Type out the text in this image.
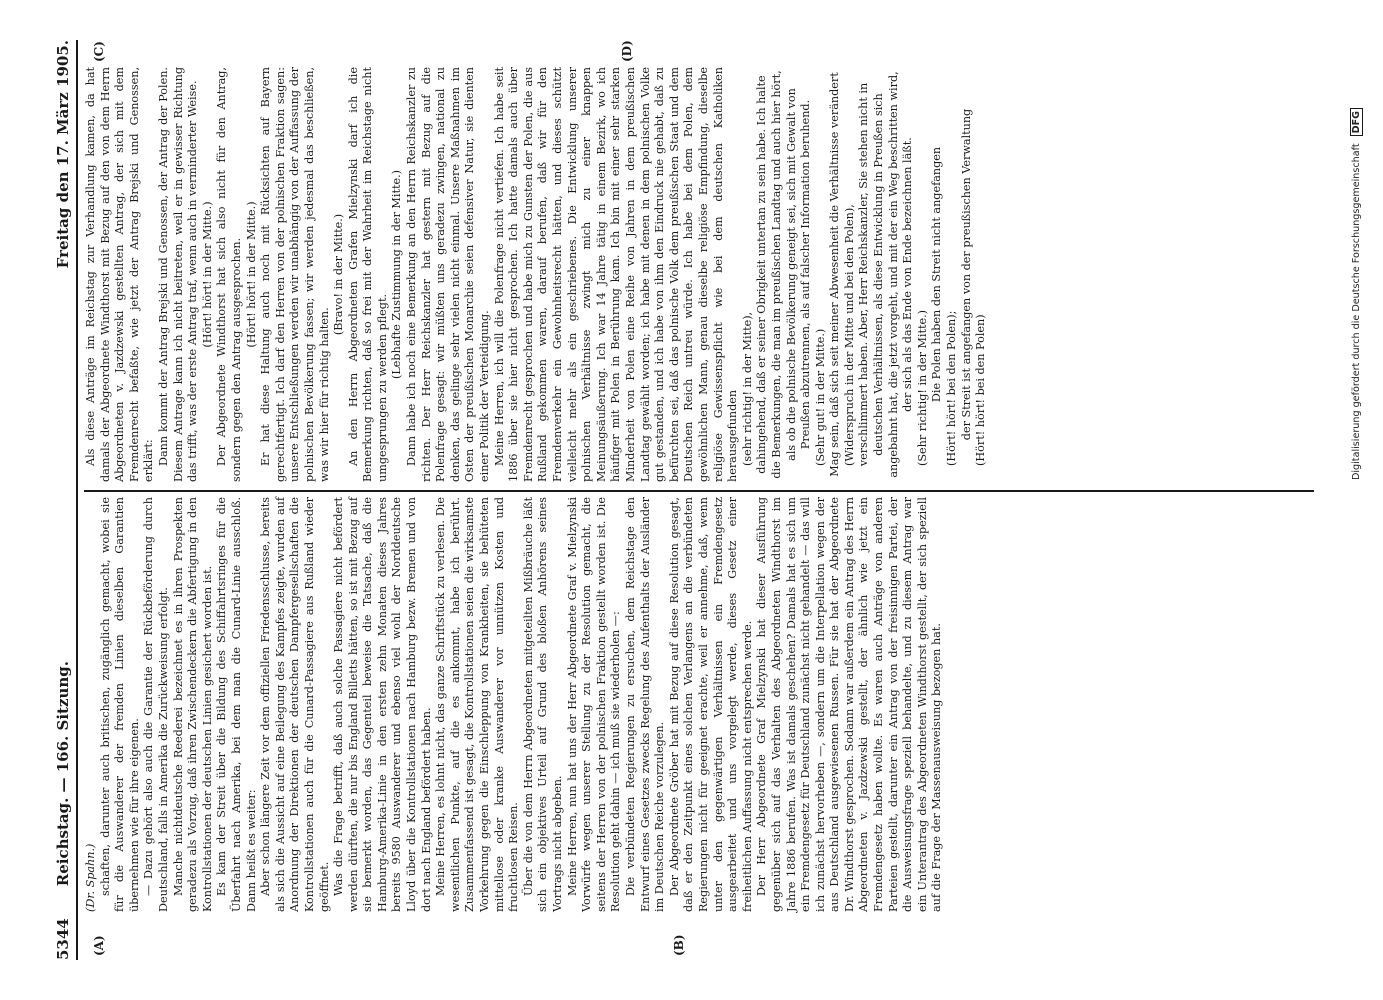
5344
Reichstag. — 166. Sitzung.
Freitag den 17. März 1905.
(A)	(B)
(C)	(D)

(Dr. Spahn.) schaften, darunter auch britischen, zugänglich gemacht, wobei sie für die Auswanderer der fremden Linien dieselben Garantien übernehmen wie für ihre eigenen. — Dazu gehört also auch die Garantie der Rückbeförderung durch Deutschland, falls in Amerika die Zurückweisung erfolgt. Manche nichtdeutsche Reederei bezeichnet es in ihren Prospekten geradezu als Vorzug, daß ihren Zwischendeckern die Abfertigung in den Kontrollstationen der deutschen Linien gesichert worden ist. Es kam der Streit über die Bildung des Schiffahrtsringes für die Überfahrt nach Amerika, bei dem man die Cunard-Linie ausschloß. Dann heißt es weiter: Aber schon längere Zeit vor dem offiziellen Friedensschlusse, bereits als sich die Aussicht auf eine Beilegung des Kampfes zeigte, wurden auf Anordnung der Direktionen der deutschen Dampfergesellschaften die Kontrollstationen auch für die Cunard-Passagiere aus Rußland wieder geöffnet. Was die Frage betrifft, daß auch solche Passagiere nicht befördert werden dürften, die nur bis England Billetts hätten, so ist mit Bezug auf sie bemerkt worden, das Gegenteil beweise die Tatsache, daß die Hamburg-Amerika-Linie in den ersten zehn Monaten dieses Jahres bereits 9580 Auswanderer und ebenso viel wohl der Norddeutsche Lloyd über die Kontrollstationen nach Hamburg bezw. Bremen und von dort nach England befördert haben. Meine Herren, es lohnt nicht, das ganze Schriftstück zu verlesen. Die wesentlichen Punkte, auf die es ankommt, habe ich berührt. Zusammenfassend ist gesagt, die Kontrollstationen seien die wirksamste Vorkehrung gegen die Einschleppung von Krankheiten, sie behüteten mittellose oder kranke Auswanderer vor unnützen Kosten und fruchtlosen Reisen. Über die von dem Herrn Abgeordneten mitgeteilten Mißbräuche läßt sich ein objektives Urteil auf Grund des bloßen Anhörens seines Vortrags nicht abgeben. Meine Herren, nun hat uns der Herr Abgeordnete Graf v. Mielzynski Vorwürfe wegen unserer Stellung zu der Resolution gemacht, die seitens der Herren von der polnischen Fraktion gestellt worden ist. Die Resolution geht dahin — ich muß sie wiederholen —: Die verbündeten Regierungen zu ersuchen, dem Reichstage den Entwurf eines Gesetzes zwecks Regelung des Aufenthalts der Ausländer im Deutschen Reiche vorzulegen. Der Abgeordnete Gröber hat mit Bezug auf diese Resolution gesagt, daß er den Zeitpunkt eines solchen Verlangens an die verbündeten Regierungen nicht für geeignet erachte, weil er annehme, daß, wenn unter den gegenwärtigen Verhältnissen ein Fremdengesetz ausgearbeitet und uns vorgelegt werde, dieses Gesetz einer freiheitlichen Auffassung nicht entsprechen werde. Der Herr Abgeordnete Graf Mielzynski hat dieser Ausführung gegenüber sich auf das Verhalten des Abgeordneten Windthorst im Jahre 1886 berufen. Was ist damals geschehen? Damals hat es sich um ein Fremdengesetz für Deutschland zunächst nicht gehandelt — das will ich zunächst hervorheben —, sondern um die Interpellation wegen der aus Deutschland ausgewiesenen Russen. Für sie hat der Abgeordnete Dr. Windthorst gesprochen. Sodann war außerdem ein Antrag des Herrn Abgeordneten v. Jazdzewski gestellt, der ähnlich wie jetzt ein Fremdengesetz haben wollte. Es waren auch Anträge von anderen Parteien gestellt, darunter ein Antrag von der freisinnigen Partei, der die Ausweisungsfrage speziell behandelte, und zu diesem Antrag war ein Unterantrag des Abgeordneten Windthorst gestellt, der sich speziell auf die Frage der Massenausweisung bezogen hat.

Als diese Anträge im Reichstag zur Verhandlung kamen, da hat damals der Abgeordnete Windthorst mit Bezug auf den von dem Herrn Abgeordneten v. Jazdzewski gestellten Antrag, der sich mit dem Fremdenrecht befaßte, wie jetzt der Antrag Brejski und Genossen, erklärt: Dann kommt der Antrag Brejski und Genossen, der Antrag der Polen. Diesem Antrage kann ich nicht beitreten, weil er in gewisser Richtung das trifft, was der erste Antrag traf, wenn auch in verminderter Weise. (Hört! hört! in der Mitte.) Der Abgeordnete Windthorst hat sich also nicht für den Antrag, sondern gegen den Antrag ausgesprochen. (Hört! hört! in der Mitte.) Er hat diese Haltung auch noch mit Rücksichten auf Bayern gerechtfertigt. Ich darf den Herren von der polnischen Fraktion sagen: unsere Entschließungen werden wir unabhängig von der Auffassung der polnischen Bevölkerung fassen; wir werden jedesmal das beschließen, was wir hier für richtig halten.

(Bravo! in der Mitte.) An den Herrn Abgeordneten Grafen Mielzynski darf ich die Bemerkung richten, daß so frei mit der Wahrheit im Reichstage nicht umgesprungen zu werden pflegt.

(Lebhafte Zustimmung in der Mitte.) Dann habe ich noch eine Bemerkung an den Herrn Reichskanzler zu richten. Der Herr Reichskanzler hat gestern mit Bezug auf die Polenfrage gesagt: wir müßten uns geradezu zwingen, national zu denken, das gelinge sehr vielen nicht einmal. Unsere Maßnahmen im Osten der preußischen Monarchie seien defensiver Natur, sie dienten einer Politik der Verteidigung. Meine Herren, ich will die Polenfrage nicht vertiefen. Ich habe seit 1886 über sie hier nicht gesprochen. Ich hatte damals auch über Fremdenrecht gesprochen und habe mich zu Gunsten der Polen, die aus Rußland gekommen waren, darauf berufen, daß wir für den Fremdenverkehr ein Gewohnheitsrecht hätten, und dieses schützt vielleicht mehr als ein geschriebenes. Die Entwicklung unserer polnischen Verhältnisse zwingt mich zu einer knappen Meinungsäußerung. Ich war 14 Jahre tätig in einem Bezirk, wo ich häufiger mit Polen in Berührung kam. Ich bin mit einer sehr starken Minderheit von Polen eine Reihe von Jahren in dem preußischen Landtag gewählt worden; ich habe mit denen in dem polnischen Volke gut gestanden, und ich habe von ihm den Eindruck nie gehabt, daß zu befürchten sei, daß das polnische Volk dem preußischen Staat und dem Deutschen Reich untreu würde. Ich habe bei dem Polen, dem gewöhnlichen Mann, genau dieselbe religiöse Empfindung, dieselbe religiöse Gewissenspflicht wie bei dem deutschen Katholiken herausgefunden (sehr richtig! in der Mitte), dahingehend, daß er seiner Obrigkeit untertan zu sein habe. Ich halte die Bemerkungen, die man im preußischen Landtag und auch hier hört, als ob die polnische Bevölkerung geneigt sei, sich mit Gewalt von Preußen abzutrennen, als auf falscher Information beruhend. (Sehr gut! in der Mitte.) Mag sein, daß sich seit meiner Abwesenheit die Verhältnisse verändert (Widerspruch in der Mitte und bei den Polen), verschlimmert haben. Aber, Herr Reichskanzler, Sie stehen nicht in deutschen Verhältnissen, als diese Entwicklung in Preußen sich angebahnt hat, die jetzt vorgeht, und mit der ein Weg beschritten wird, der sich als das Ende von Ende bezeichnen läßt. (Sehr richtig! in der Mitte.) Die Polen haben den Streit nicht angefangen (Hört! hört! bei den Polen); der Streit ist angefangen von der preußischen Verwaltung (Hört! hört! bei den Polen)	Digitalisierung gefördert durch die Deutsche Forschungsgemeinschaft DFG
